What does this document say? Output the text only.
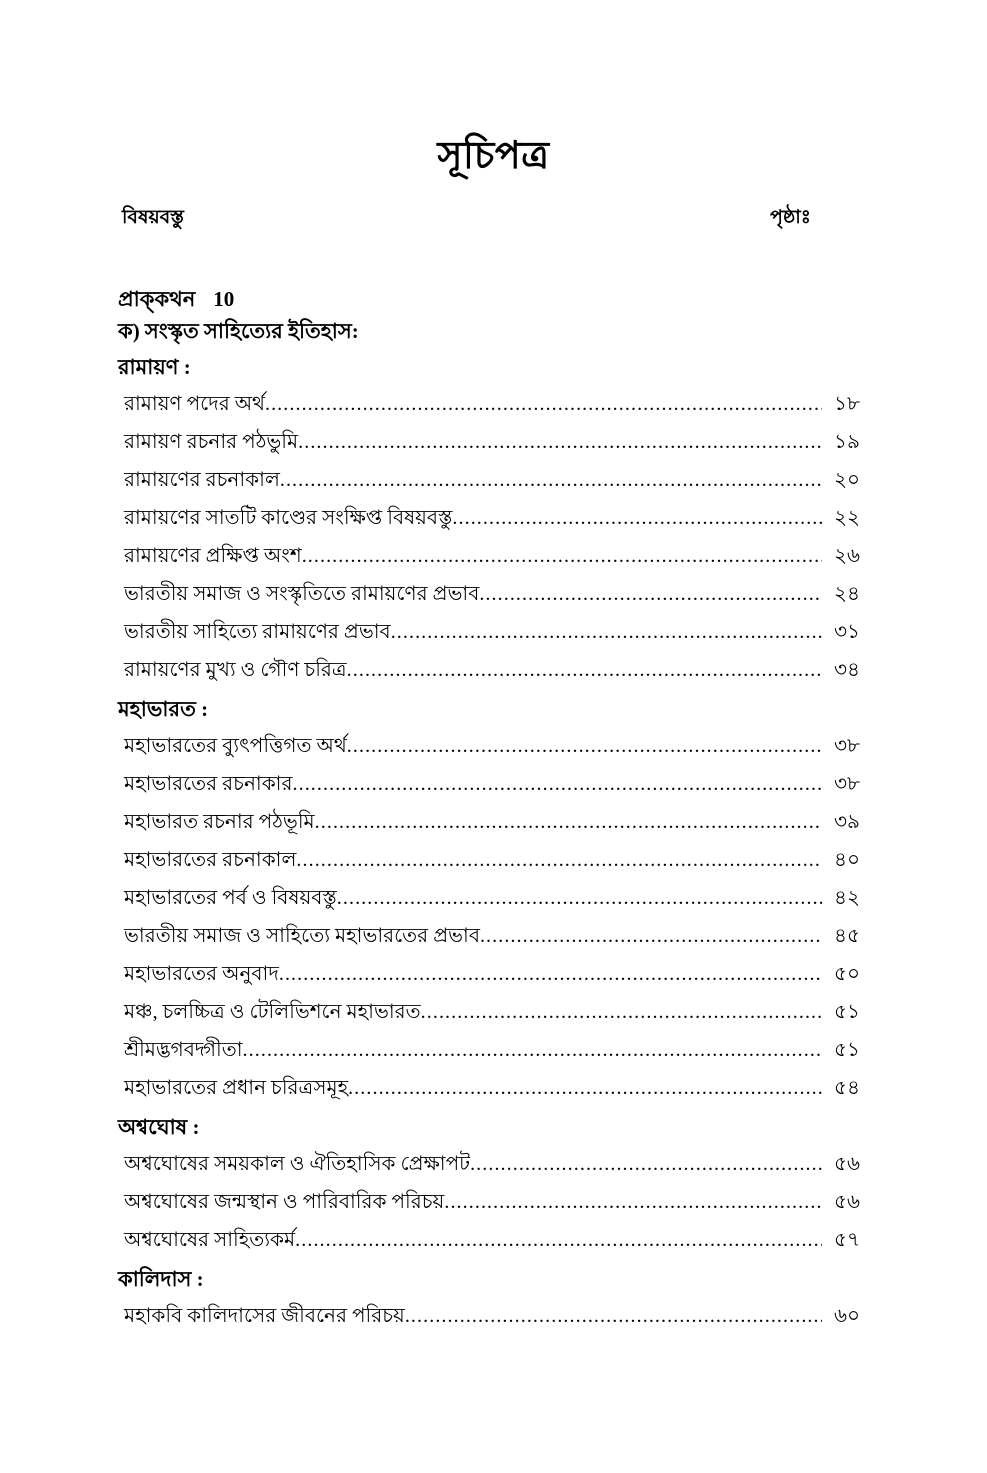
সূচিপত্র
বিষয়বস্তু	পৃষ্ঠাঃ
প্রাক্‌কথন 10
ক) সংস্কৃত সাহিত্যের ইতিহাস:
রামায়ণ :
রামায়ণ পদের অর্থ .....	১৮
রামায়ণ রচনার পঠভুমি .....	১৯
রামায়ণের রচনাকাল .....	২০
রামায়ণের সাতটি কাণ্ডের সংক্ষিপ্ত বিষয়বস্তু .....	২২
রামায়ণের প্রক্ষিপ্ত অংশ .....	২৬
ভারতীয় সমাজ ও সংস্কৃতিতে রামায়ণের প্রভাব .....	২৪
ভারতীয় সাহিত্যে রামায়ণের প্রভাব .....	৩১
রামায়ণের মুখ্য ও গৌণ চরিত্র .....	৩৪
মহাভারত :
মহাভারতের ব্যুৎপত্তিগত অর্থ .....	৩৮
মহাভারতের রচনাকার .....	৩৮
মহাভারত রচনার পঠভূমি .....	৩৯
মহাভারতের রচনাকাল .....	৪০
মহাভারতের পর্ব ও বিষয়বস্তু .....	৪২
ভারতীয় সমাজ ও সাহিত্যে মহাভারতের প্রভাব .....	৪৫
মহাভারতের অনুবাদ .....	৫০
মঞ্চ, চলচ্চিত্র ও টেলিভিশনে মহাভারত .....	৫১
শ্রীমদ্ভগবদ্গীতা .....	৫১
মহাভারতের প্রধান চরিত্রসমূহ .....	৫৪
অশ্বঘোষ :
অশ্বঘোষের সময়কাল ও ঐতিহাসিক প্রেক্ষাপট .....	৫৬
অশ্বঘোষের জন্মস্থান ও পারিবারিক পরিচয় .....	৫৬
অশ্বঘোষের সাহিত্যকর্ম .....	৫৭
কালিদাস :
মহাকবি কালিদাসের জীবনের পরিচয় .....	৬০
